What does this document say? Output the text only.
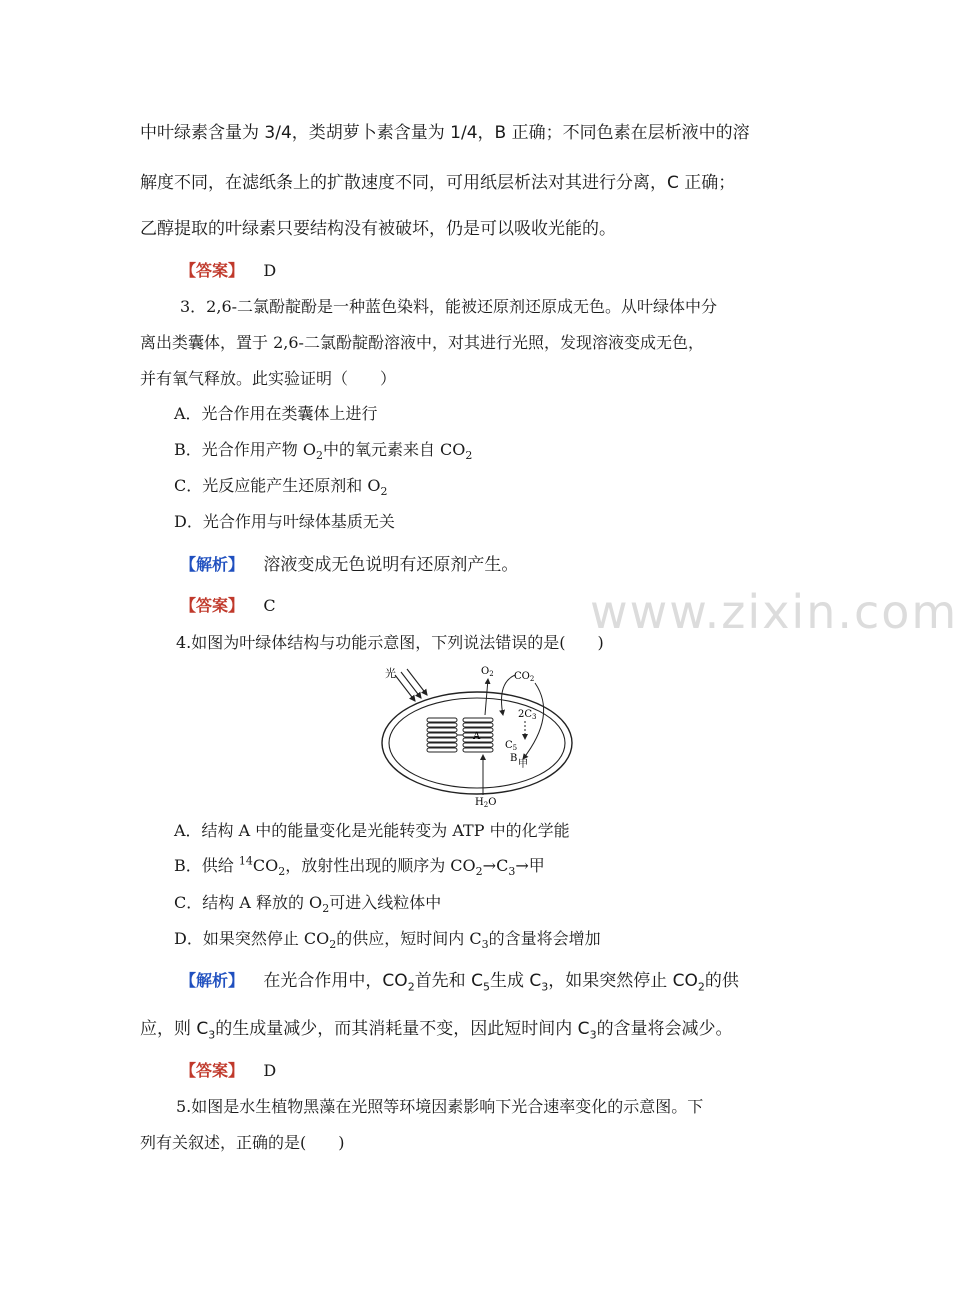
中叶绿素含量为 3/4，类胡萝卜素含量为 1/4，B 正确；不同色素在层析液中的溶
解度不同，在滤纸条上的扩散速度不同，可用纸层析法对其进行分离，C 正确；
乙醇提取的叶绿素只要结构没有被破坏，仍是可以吸收光能的。
【答案】 D
3．2,6-二氯酚靛酚是一种蓝色染料，能被还原剂还原成无色。从叶绿体中分
离出类囊体，置于 2,6-二氯酚靛酚溶液中，对其进行光照，发现溶液变成无色，
并有氧气释放。此实验证明（　　）
A．光合作用在类囊体上进行
B．光合作用产物 $O_2$中的氧元素来自 $CO_2$
C．光反应能产生还原剂和 $O_2$
D．光合作用与叶绿体基质无关
【解析】 溶液变成无色说明有还原剂产生。
【答案】 C	www.zixin.com
4.如图为叶绿体结构与功能示意图，下列说法错误的是(　　)
光
A
$O_2$ $CO_2$
$2C_3$
$C_5$
B
甲
$H_2O$
A．结构 A 中的能量变化是光能转变为 ATP 中的化学能
B．供给 $^{14}CO_2$，放射性出现的顺序为 $CO_2\to C_3\to$甲
C．结构 A 释放的 $O_2$可进入线粒体中
D．如果突然停止 $CO_2$的供应，短时间内 $C_3$的含量将会增加
【解析】 在光合作用中，$CO_2$首先和 $C_5$生成 $C_3$，如果突然停止 $CO_2$的供
应，则 $C_3$的生成量减少，而其消耗量不变，因此短时间内 $C_3$的含量将会减少。
【答案】 D
5.如图是水生植物黑藻在光照等环境因素影响下光合速率变化的示意图。下
列有关叙述，正确的是(　　)
